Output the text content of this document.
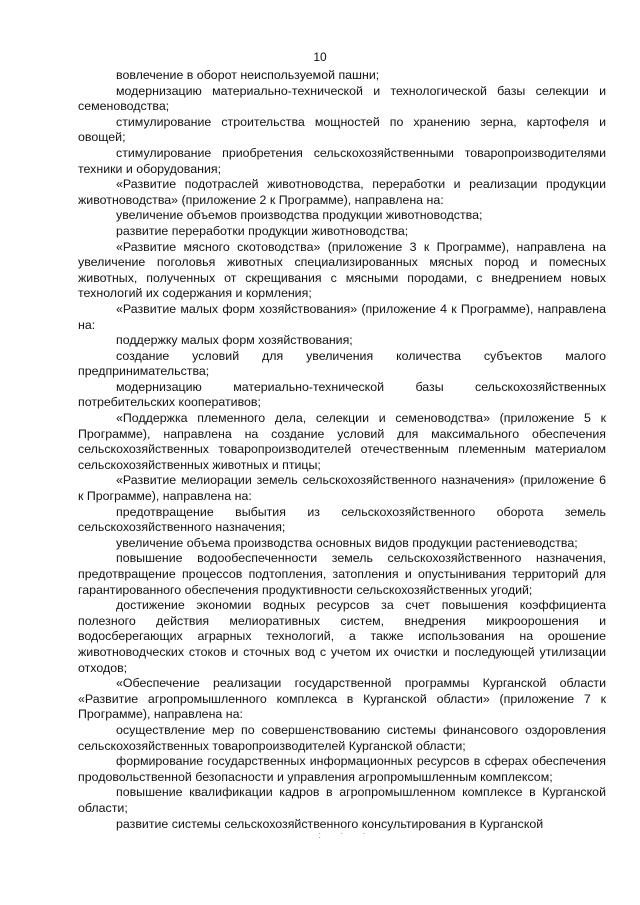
10

вовлечение в оборот неиспользуемой пашни;

модернизацию материально-технической и технологической базы селекции и семеноводства;

стимулирование строительства мощностей по хранению зерна, картофеля и овощей;

стимулирование приобретения сельскохозяйственными товаропроизводителями техники и оборудования;

«Развитие подотраслей животноводства, переработки и реализации продукции животноводства» (приложение 2 к Программе), направлена на:

увеличение объемов производства продукции животноводства;

развитие переработки продукции животноводства;

«Развитие мясного скотоводства» (приложение 3 к Программе), направлена на увеличение поголовья животных специализированных мясных пород и помесных животных, полученных от скрещивания с мясными породами, с внедрением новых технологий их содержания и кормления;

«Развитие малых форм хозяйствования» (приложение 4 к Программе), направлена на:

поддержку малых форм хозяйствования;

создание условий для увеличения количества субъектов малого предпринимательства;

модернизацию материально-технической базы сельскохозяйственных потребительских кооперативов;

«Поддержка племенного дела, селекции и семеноводства» (приложение 5 к Программе), направлена на создание условий для максимального обеспечения сельскохозяйственных товаропроизводителей отечественным племенным материалом сельскохозяйственных животных и птицы;

«Развитие мелиорации земель сельскохозяйственного назначения» (приложение 6 к Программе), направлена на:

предотвращение выбытия из сельскохозяйственного оборота земель сельскохозяйственного назначения;

увеличение объема производства основных видов продукции растениеводства;

повышение водообеспеченности земель сельскохозяйственного назначения, предотвращение процессов подтопления, затопления и опустынивания территорий для гарантированного обеспечения продуктивности сельскохозяйственных угодий;

достижение экономии водных ресурсов за счет повышения коэффициента полезного действия мелиоративных систем, внедрения микроорошения и водосберегающих аграрных технологий, а также использования на орошение животноводческих стоков и сточных вод с учетом их очистки и последующей утилизации отходов;

«Обеспечение реализации государственной программы Курганской области «Развитие агропромышленного комплекса в Курганской области» (приложение 7 к Программе), направлена на:

осуществление мер по совершенствованию системы финансового оздоровления сельскохозяйственных товаропроизводителей Курганской области;

формирование государственных информационных ресурсов в сферах обеспечения продовольственной безопасности и управления агропромышленным комплексом;

повышение квалификации кадров в агропромышленном комплексе в Курганской области;

развитие системы сельскохозяйственного консультирования в Курганской

· · · ·
